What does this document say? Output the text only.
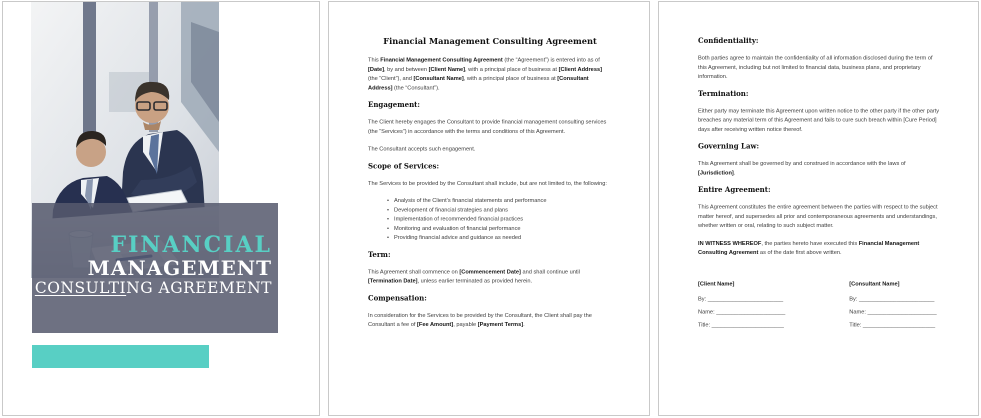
FINANCIAL
MANAGEMENT
CONSULTING AGREEMENT
Financial Management Consulting Agreement

This Financial Management Consulting Agreement (the “Agreement”) is entered into as of [Date], by and between [Client Name], with a principal place of business at [Client Address] (the “Client”), and [Consultant Name], with a principal place of business at [Consultant Address] (the “Consultant”).

Engagement:

The Client hereby engages the Consultant to provide financial management consulting services (the “Services”) in accordance with the terms and conditions of this Agreement.

The Consultant accepts such engagement.

Scope of Services:

The Services to be provided by the Consultant shall include, but are not limited to, the following:

• Analysis of the Client’s financial statements and performance
• Development of financial strategies and plans
• Implementation of recommended financial practices
• Monitoring and evaluation of financial performance
• Providing financial advice and guidance as needed
Term:

This Agreement shall commence on [Commencement Date] and shall continue until [Termination Date], unless earlier terminated as provided herein.

Compensation:

In consideration for the Services to be provided by the Consultant, the Client shall pay the Consultant a fee of [Fee Amount], payable [Payment Terms].

Confidentiality:

Both parties agree to maintain the confidentiality of all information disclosed during the term of this Agreement, including but not limited to financial data, business plans, and proprietary information.

Termination:

Either party may terminate this Agreement upon written notice to the other party if the other party breaches any material term of this Agreement and fails to cure such breach within [Cure Period] days after receiving written notice thereof.

Governing Law:

This Agreement shall be governed by and construed in accordance with the laws of [Jurisdiction].

Entire Agreement:

This Agreement constitutes the entire agreement between the parties with respect to the subject matter hereof, and supersedes all prior and contemporaneous agreements and understandings, whether written or oral, relating to such subject matter.

IN WITNESS WHEREOF, the parties hereto have executed this Financial Management Consulting Agreement as of the date first above written.

[Client Name]
By: ________________________
Name: ______________________
Title: _______________________
[Consultant Name]
By: ________________________
Name: ______________________
Title: _______________________
